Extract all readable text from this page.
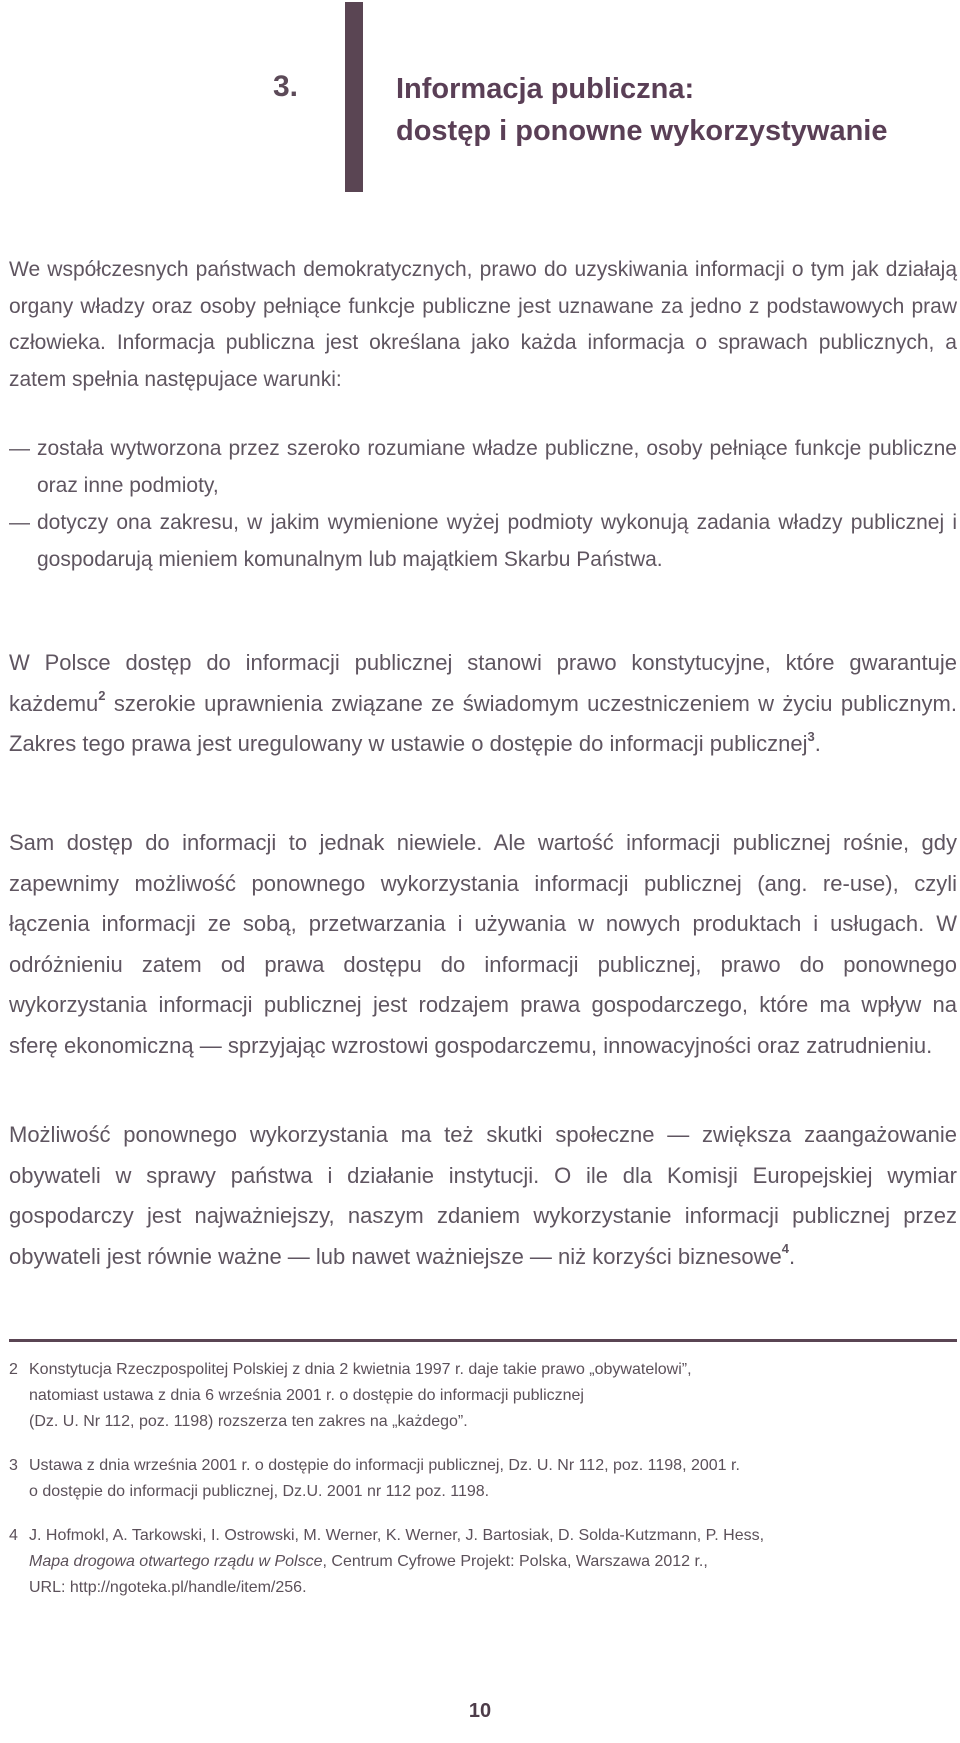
3.	Informacja publiczna:
dostęp i ponowne wykorzystywanie
We współczesnych państwach demokratycznych, prawo do uzyskiwania informacji o tym jak działają organy władzy oraz osoby pełniące funkcje publiczne jest uznawane za jedno z podstawowych praw człowieka. Informacja publiczna jest określana jako każda informacja o sprawach publicznych, a zatem spełnia następujace warunki:
— została wytworzona przez szeroko rozumiane władze publiczne, osoby pełniące funkcje publiczne oraz inne podmioty,
— dotyczy ona zakresu, w jakim wymienione wyżej podmioty wykonują zadania władzy publicznej i gospodarują mieniem komunalnym lub majątkiem Skarbu Państwa.
W Polsce dostęp do informacji publicznej stanowi prawo konstytucyjne, które gwarantuje każdemu$^2$ szerokie uprawnienia związane ze świadomym uczestniczeniem w życiu publicznym. Zakres tego prawa jest uregulowany w ustawie o dostępie do informacji publicznej$^3$.
Sam dostęp do informacji to jednak niewiele. Ale wartość informacji publicznej rośnie, gdy zapewnimy możliwość ponownego wykorzystania informacji publicznej (ang. re-use), czyli łączenia informacji ze sobą, przetwarzania i używania w nowych produktach i usługach. W odróżnieniu zatem od prawa dostępu do informacji publicznej, prawo do ponownego wykorzystania informacji publicznej jest rodzajem prawa gospodarczego, które ma wpływ na sferę ekonomiczną — sprzyjając wzrostowi gospodarczemu, innowacyjności oraz zatrudnieniu.
Możliwość ponownego wykorzystania ma też skutki społeczne — zwiększa zaangażowanie obywateli w sprawy państwa i działanie instytucji. O ile dla Komisji Europejskiej wymiar gospodarczy jest najważniejszy, naszym zdaniem wykorzystanie informacji publicznej przez obywateli jest równie ważne — lub nawet ważniejsze — niż korzyści biznesowe$^4$.
2 Konstytucja Rzeczpospolitej Polskiej z dnia 2 kwietnia 1997 r. daje takie prawo „obywatelowi”,
natomiast ustawa z dnia 6 września 2001 r. o dostępie do informacji publicznej
(Dz. U. Nr 112, poz. 1198) rozszerza ten zakres na „każdego”.
3 Ustawa z dnia września 2001 r. o dostępie do informacji publicznej, Dz. U. Nr 112, poz. 1198, 2001 r.
o dostępie do informacji publicznej, Dz.U. 2001 nr 112 poz. 1198.
4 J. Hofmokl, A. Tarkowski, I. Ostrowski, M. Werner, K. Werner, J. Bartosiak, D. Solda-Kutzmann, P. Hess,
Mapa drogowa otwartego rządu w Polsce, Centrum Cyfrowe Projekt: Polska, Warszawa 2012 r.,
URL: http://ngoteka.pl/handle/item/256.
10
